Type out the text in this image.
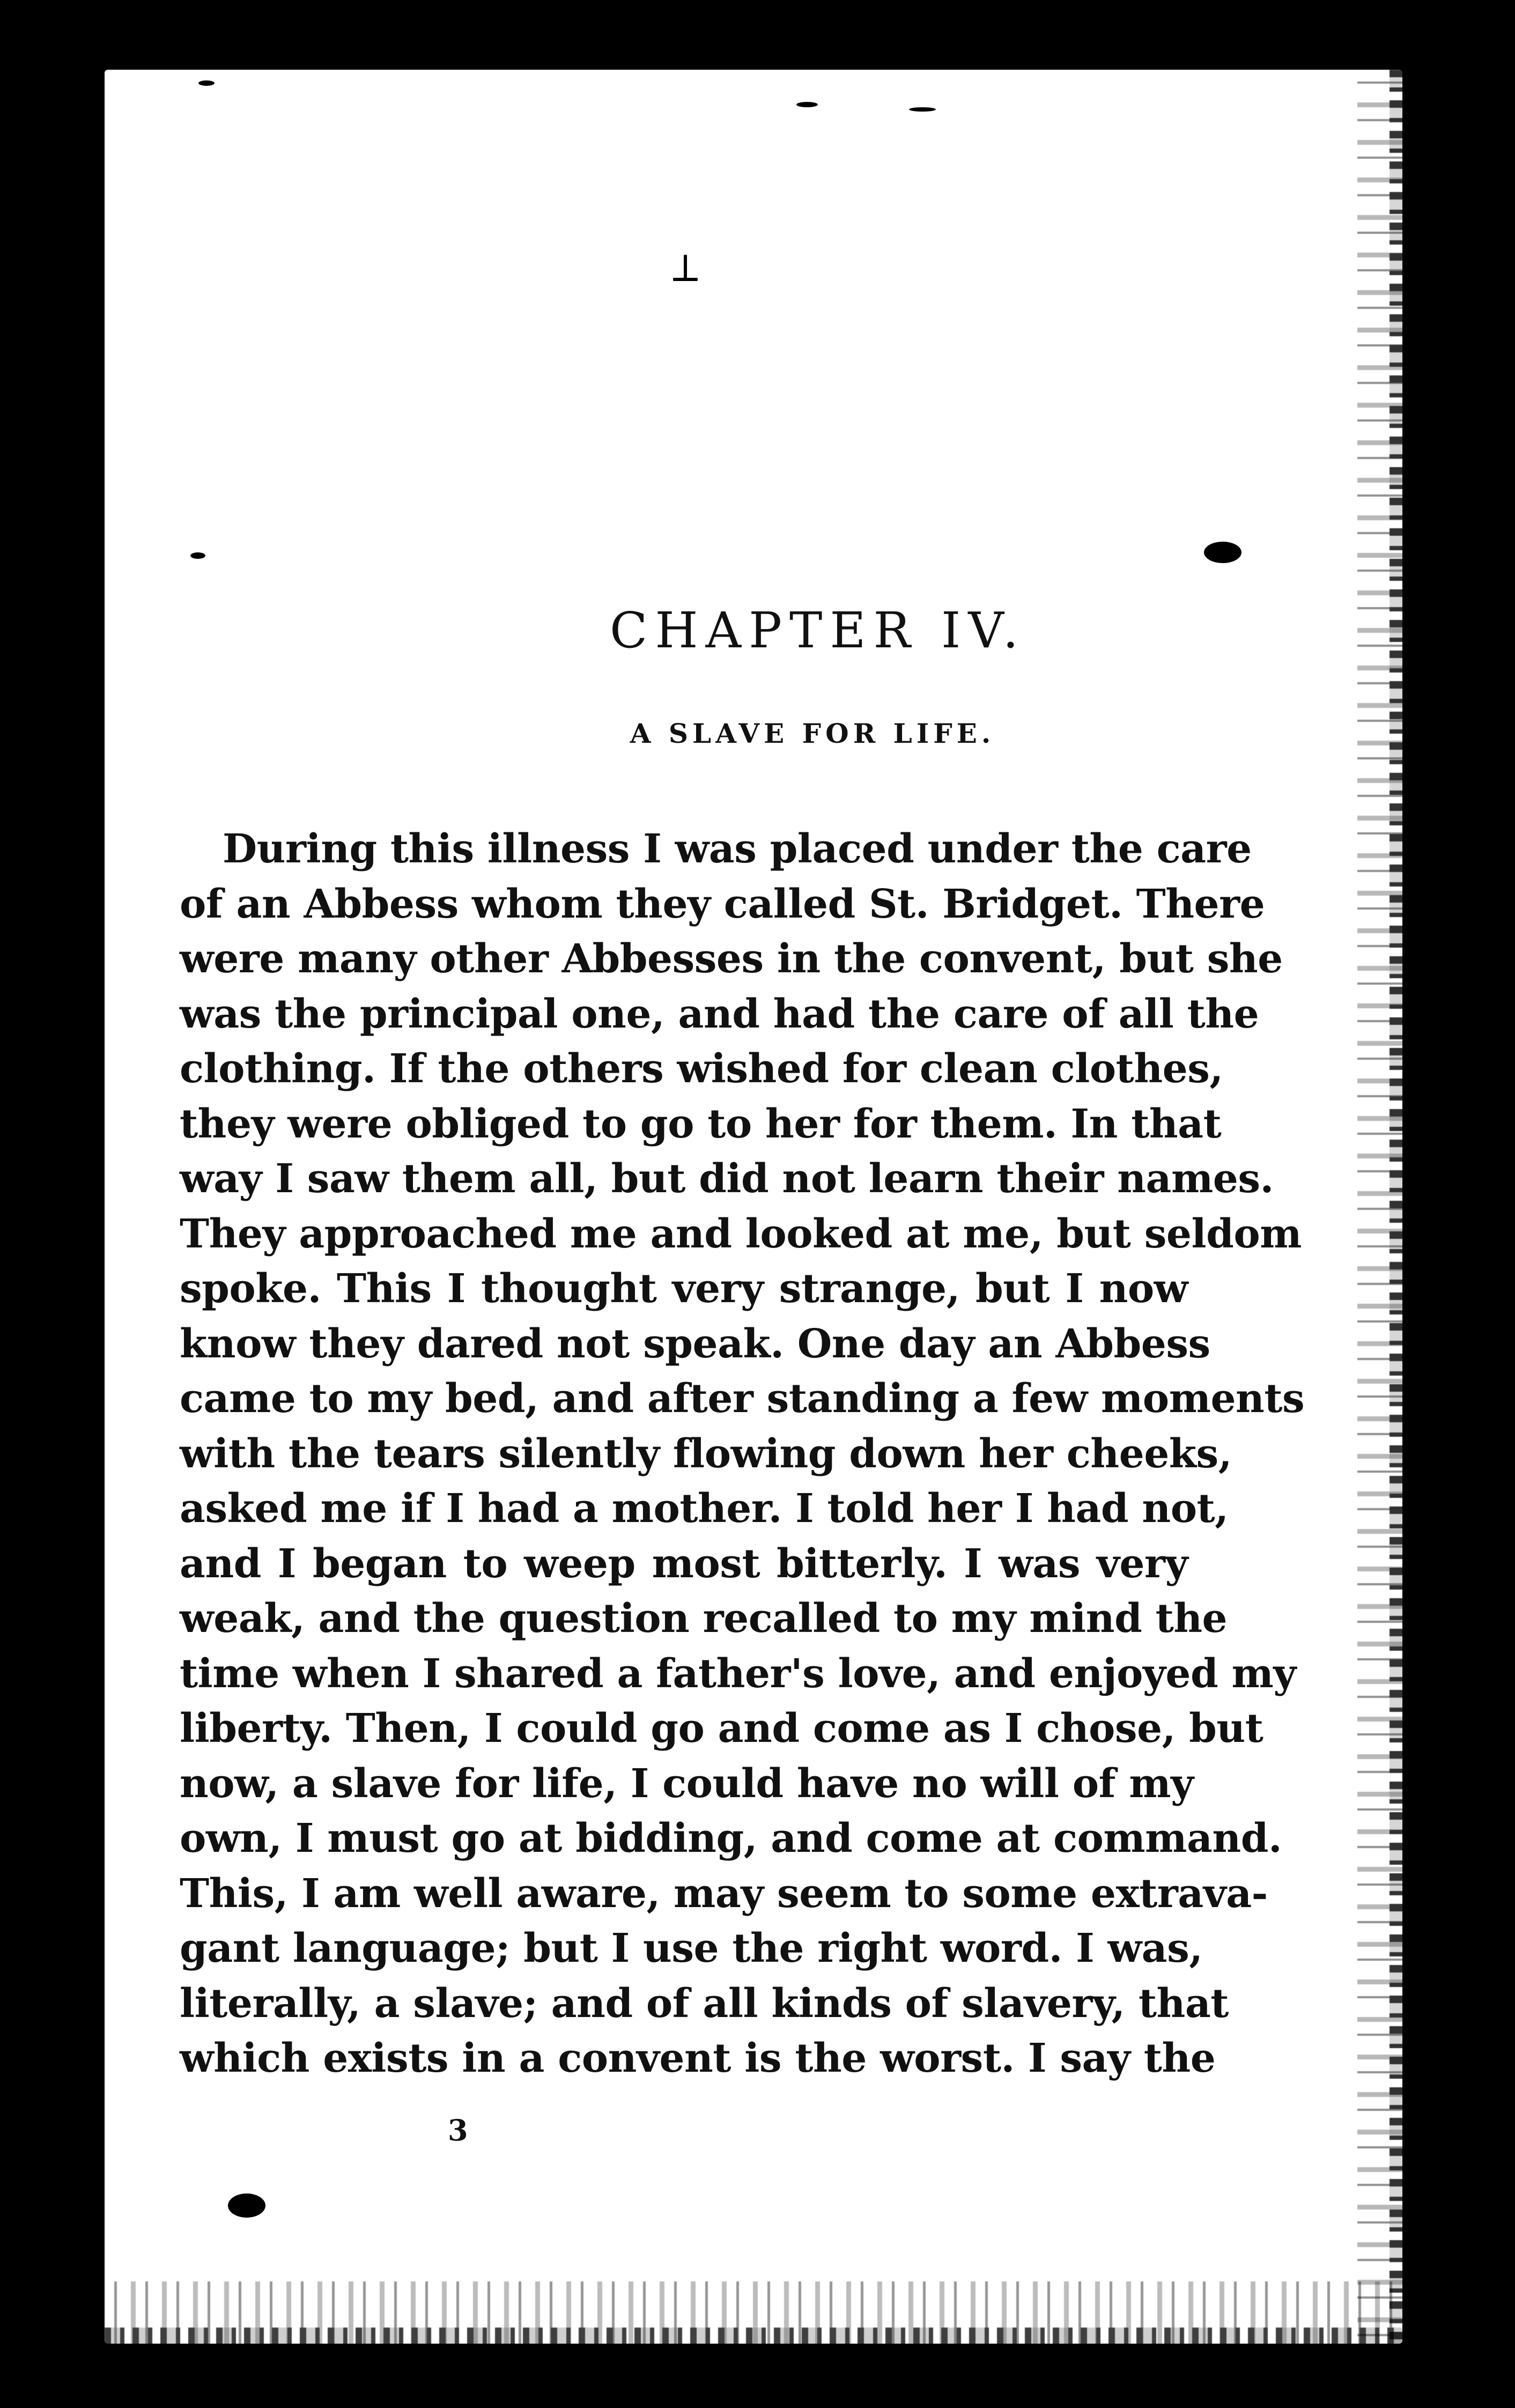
CHAPTER IV.
A SLAVE FOR LIFE.
During this illness I was placed under the care
of an Abbess whom they called St. Bridget. There
were many other Abbesses in the convent, but she
was the principal one, and had the care of all the
clothing. If the others wished for clean clothes,
they were obliged to go to her for them. In that
way I saw them all, but did not learn their names.
They approached me and looked at me, but seldom
spoke. This I thought very strange, but I now
know they dared not speak. One day an Abbess
came to my bed, and after standing a few moments
with the tears silently flowing down her cheeks,
asked me if I had a mother. I told her I had not,
and I began to weep most bitterly. I was very
weak, and the question recalled to my mind the
time when I shared a father's love, and enjoyed my
liberty. Then, I could go and come as I chose, but
now, a slave for life, I could have no will of my
own, I must go at bidding, and come at command.
This, I am well aware, may seem to some extrava-
gant language; but I use the right word. I was,
literally, a slave; and of all kinds of slavery, that
which exists in a convent is the worst. I say the
3
